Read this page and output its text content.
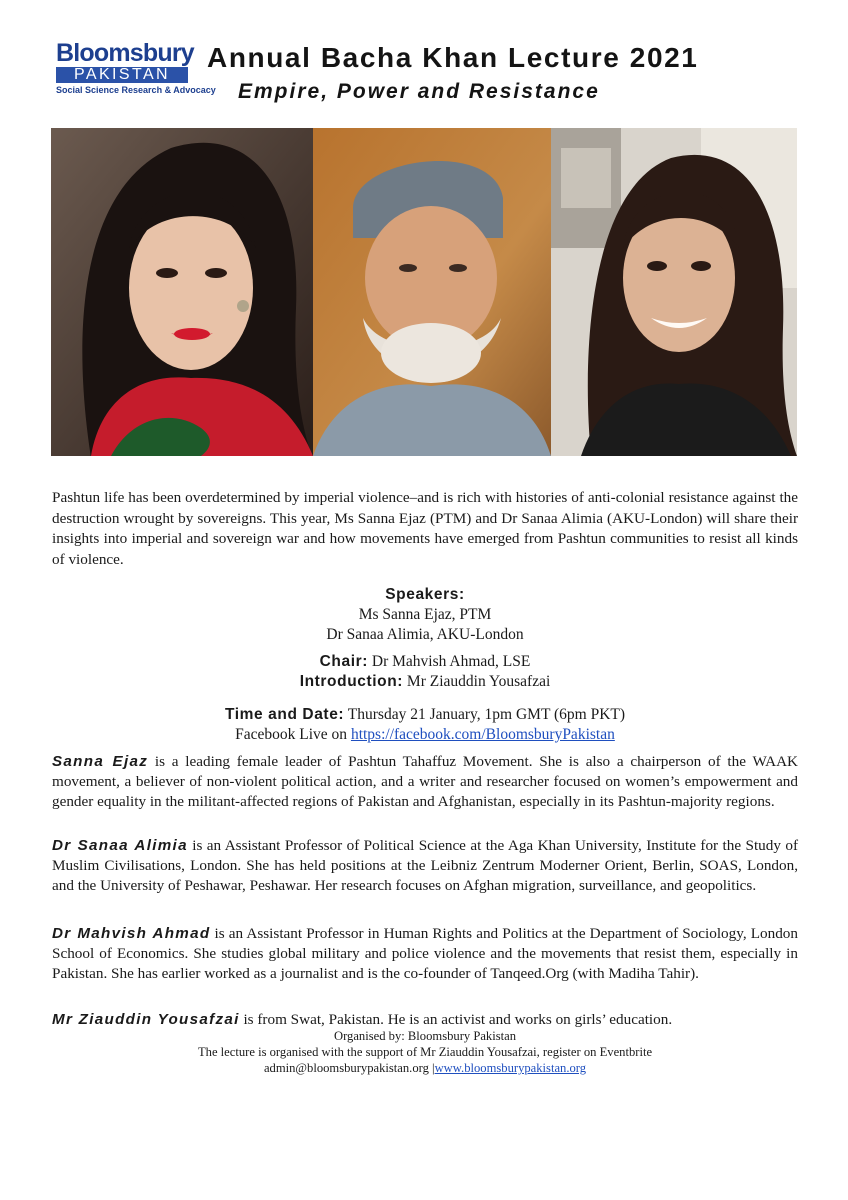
Bloomsbury
PAKISTAN
Social Science Research & Advocacy
Annual Bacha Khan Lecture 2021
Empire, Power and Resistance
Pashtun life has been overdetermined by imperial violence–and is rich with histories of anti-colonial resistance against the destruction wrought by sovereigns. This year, Ms Sanna Ejaz (PTM) and Dr Sanaa Alimia (AKU-London) will share their insights into imperial and sovereign war and how movements have emerged from Pashtun communities to resist all kinds of violence.
Speakers:
Ms Sanna Ejaz, PTM
Dr Sanaa Alimia, AKU-London
Chair: Dr Mahvish Ahmad, LSE
Introduction: Mr Ziauddin Yousafzai
Time and Date: Thursday 21 January, 1pm GMT (6pm PKT)
Facebook Live on https://facebook.com/BloomsburyPakistan
Sanna Ejaz is a leading female leader of Pashtun Tahaffuz Movement. She is also a chairperson of the WAAK movement, a believer of non-violent political action, and a writer and researcher focused on women’s empowerment and gender equality in the militant-affected regions of Pakistan and Afghanistan, especially in its Pashtun-majority regions.
Dr Sanaa Alimia is an Assistant Professor of Political Science at the Aga Khan University, Institute for the Study of Muslim Civilisations, London. She has held positions at the Leibniz Zentrum Moderner Orient, Berlin, SOAS, London, and the University of Peshawar, Peshawar. Her research focuses on Afghan migration, surveillance, and geopolitics.
Dr Mahvish Ahmad is an Assistant Professor in Human Rights and Politics at the Department of Sociology, London School of Economics. She studies global military and police violence and the movements that resist them, especially in Pakistan. She has earlier worked as a journalist and is the co-founder of Tanqeed.Org (with Madiha Tahir).
Mr Ziauddin Yousafzai is from Swat, Pakistan. He is an activist and works on girls’ education.
Organised by: Bloomsbury Pakistan
The lecture is organised with the support of Mr Ziauddin Yousafzai, register on Eventbrite
admin@bloomsburypakistan.org |www.bloomsburypakistan.org
